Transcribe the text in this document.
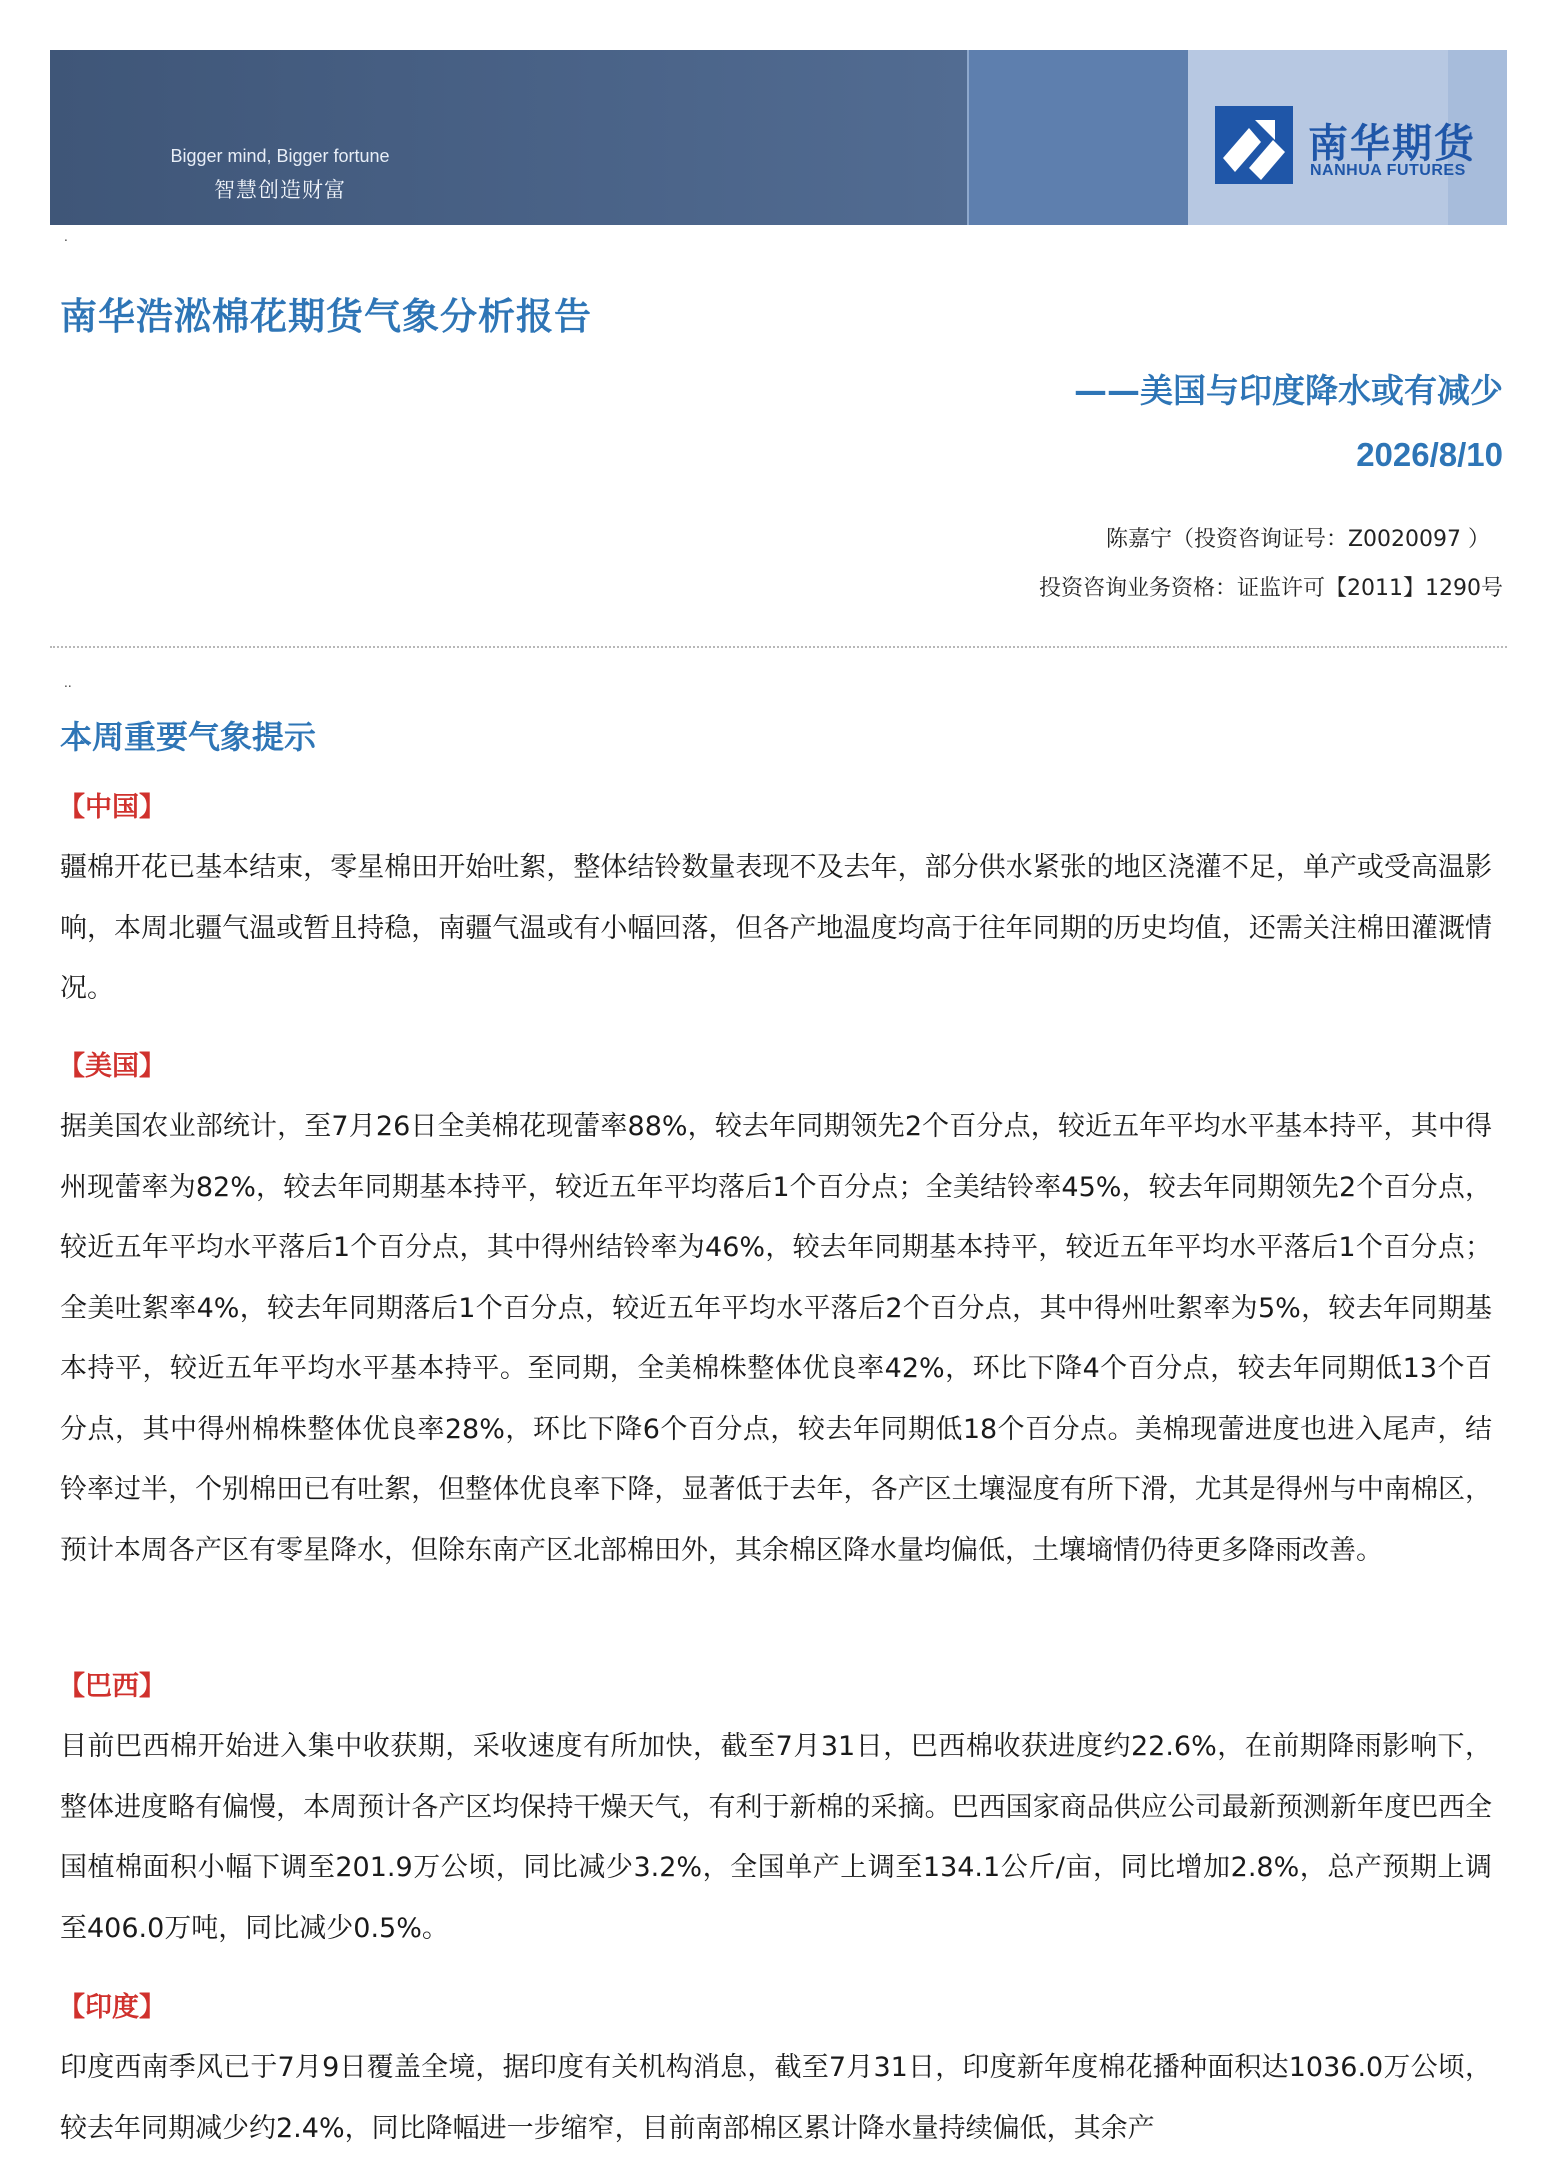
Bigger mind, Bigger fortune
智慧创造财富
南华期货
NANHUA FUTURES
.
南华浩淞棉花期货气象分析报告
——美国与印度降水或有减少
2026/8/10
陈嘉宁（投资咨询证号：Z0020097 ）
投资咨询业务资格：证监许可【2011】1290号
..
本周重要气象提示
【中国】

疆棉开花已基本结束，零星棉田开始吐絮，整体结铃数量表现不及去年，部分供水紧张的地区浇灌不足，单产或受高温影响，本周北疆气温或暂且持稳，南疆气温或有小幅回落，但各产地温度均高于往年同期的历史均值，还需关注棉田灌溉情况。

【美国】

据美国农业部统计，至7月26日全美棉花现蕾率88%，较去年同期领先2个百分点，较近五年平均水平基本持平，其中得州现蕾率为82%，较去年同期基本持平，较近五年平均落后1个百分点；全美结铃率45%，较去年同期领先2个百分点，较近五年平均水平落后1个百分点，其中得州结铃率为46%，较去年同期基本持平，较近五年平均水平落后1个百分点；全美吐絮率4%，较去年同期落后1个百分点，较近五年平均水平落后2个百分点，其中得州吐絮率为5%，较去年同期基本持平，较近五年平均水平基本持平。至同期，全美棉株整体优良率42%，环比下降4个百分点，较去年同期低13个百分点，其中得州棉株整体优良率28%，环比下降6个百分点，较去年同期低18个百分点。美棉现蕾进度也进入尾声，结铃率过半，个别棉田已有吐絮，但整体优良率下降，显著低于去年，各产区土壤湿度有所下滑，尤其是得州与中南棉区，预计本周各产区有零星降水，但除东南产区北部棉田外，其余棉区降水量均偏低，土壤墒情仍待更多降雨改善。

【巴西】

目前巴西棉开始进入集中收获期，采收速度有所加快，截至7月31日，巴西棉收获进度约22.6%，在前期降雨影响下，整体进度略有偏慢，本周预计各产区均保持干燥天气，有利于新棉的采摘。巴西国家商品供应公司最新预测新年度巴西全国植棉面积小幅下调至201.9万公顷，同比减少3.2%，全国单产上调至134.1公斤/亩，同比增加2.8%，总产预期上调至406.0万吨，同比减少0.5%。

【印度】

印度西南季风已于7月9日覆盖全境，据印度有关机构消息，截至7月31日，印度新年度棉花播种面积达1036.0万公顷，较去年同期减少约2.4%，同比降幅进一步缩窄，目前南部棉区累计降水量持续偏低，其余产
